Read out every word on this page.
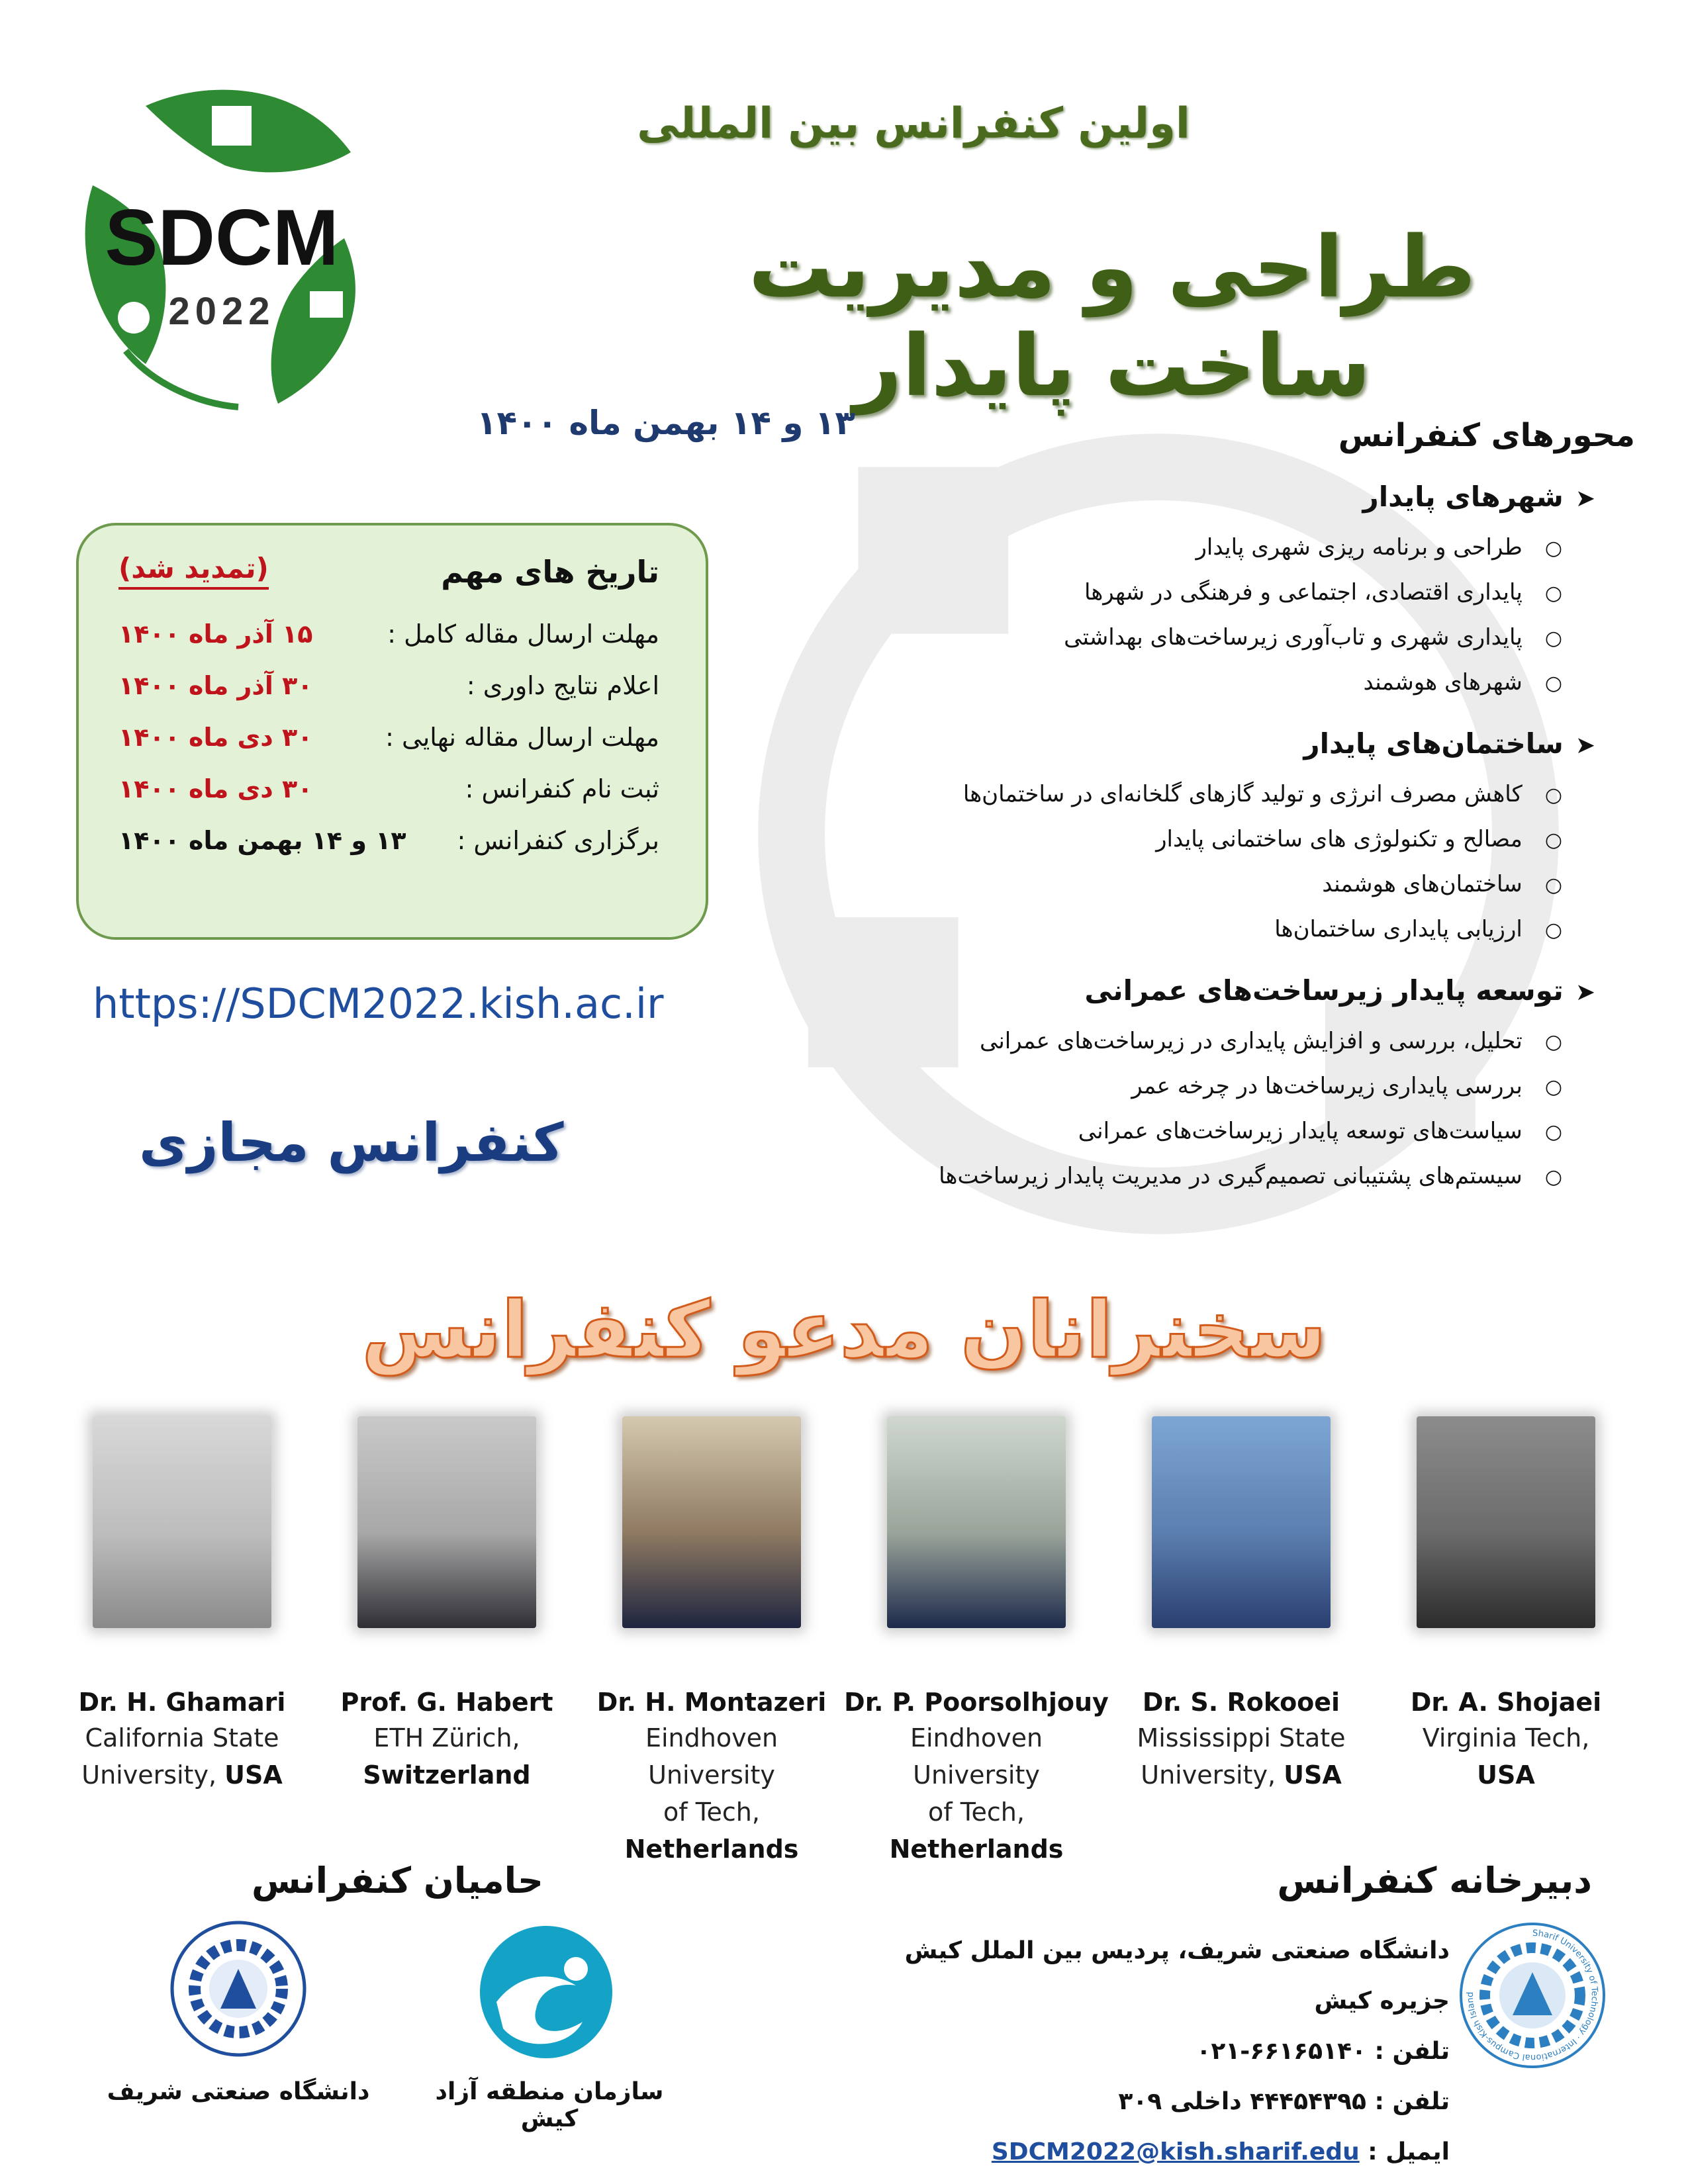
SDCM
2022
اولین کنفرانس بین المللی
طراحی و مدیریت ساخت پایدار
۱۳ و ۱۴ بهمن ماه ۱۴۰۰	محورهای کنفرانس
➤ شهرهای پایدار
○ طراحی و برنامه ریزی شهری پایدار
○ پایداری اقتصادی، اجتماعی و فرهنگی در شهرها
○ پایداری شهری و تاب‌آوری زیرساخت‌های بهداشتی
○ شهرهای هوشمند
➤ ساختمان‌های پایدار
○ کاهش مصرف انرژی و تولید گازهای گلخانه‌ای در ساختمان‌ها
○ مصالح و تکنولوژی های ساختمانی پایدار
○ ساختمان‌های هوشمند
○ ارزیابی پایداری ساختمان‌ها
➤ توسعه پایدار زیرساخت‌های عمرانی
○ تحلیل، بررسی و افزایش پایداری در زیرساخت‌های عمرانی
○ بررسی پایداری زیرساخت‌ها در چرخه عمر
○ سیاست‌های توسعه پایدار زیرساخت‌های عمرانی
○ سیستم‌های پشتیبانی تصمیم‌گیری در مدیریت پایدار زیرساخت‌ها
تاریخ های مهم
(تمدید شد)
مهلت ارسال مقاله کامل :
۱۵ آذر ماه ۱۴۰۰
اعلام نتایج داوری :
۳۰ آذر ماه ۱۴۰۰
مهلت ارسال مقاله نهایی :
۳۰ دی ماه ۱۴۰۰
ثبت نام کنفرانس :
۳۰ دی ماه ۱۴۰۰
برگزاری کنفرانس :
۱۳ و ۱۴ بهمن ماه ۱۴۰۰
https://SDCM2022.kish.ac.ir
کنفرانس مجازی
سخنرانان مدعو کنفرانس
Dr. H. Ghamari
California State
University, USA
Prof. G. Habert
ETH Zürich,
Switzerland
Dr. H. Montazeri
Eindhoven University
of Tech, Netherlands
Dr. P. Poorsolhjouy
Eindhoven University
of Tech, Netherlands
Dr. S. Rokooei
Mississippi State
University, USA
Dr. A. Shojaei
Virginia Tech,
USA
دبیرخانه کنفرانس
حامیان کنفرانس
دانشگاه صنعتی شریف، پردیس بین الملل کیش
جزیره کیش
تلفن : ۶۶۱۶۵۱۴۰-۰۲۱
تلفن : ۴۴۴۵۴۳۹۵ داخلی ۳۰۹
ایمیل : SDCM2022@kish.sharif.edu
Sharif University of Technology · International Campus-Kish Island
دانشگاه صنعتی شریف	سازمان منطقه آزاد کیش
